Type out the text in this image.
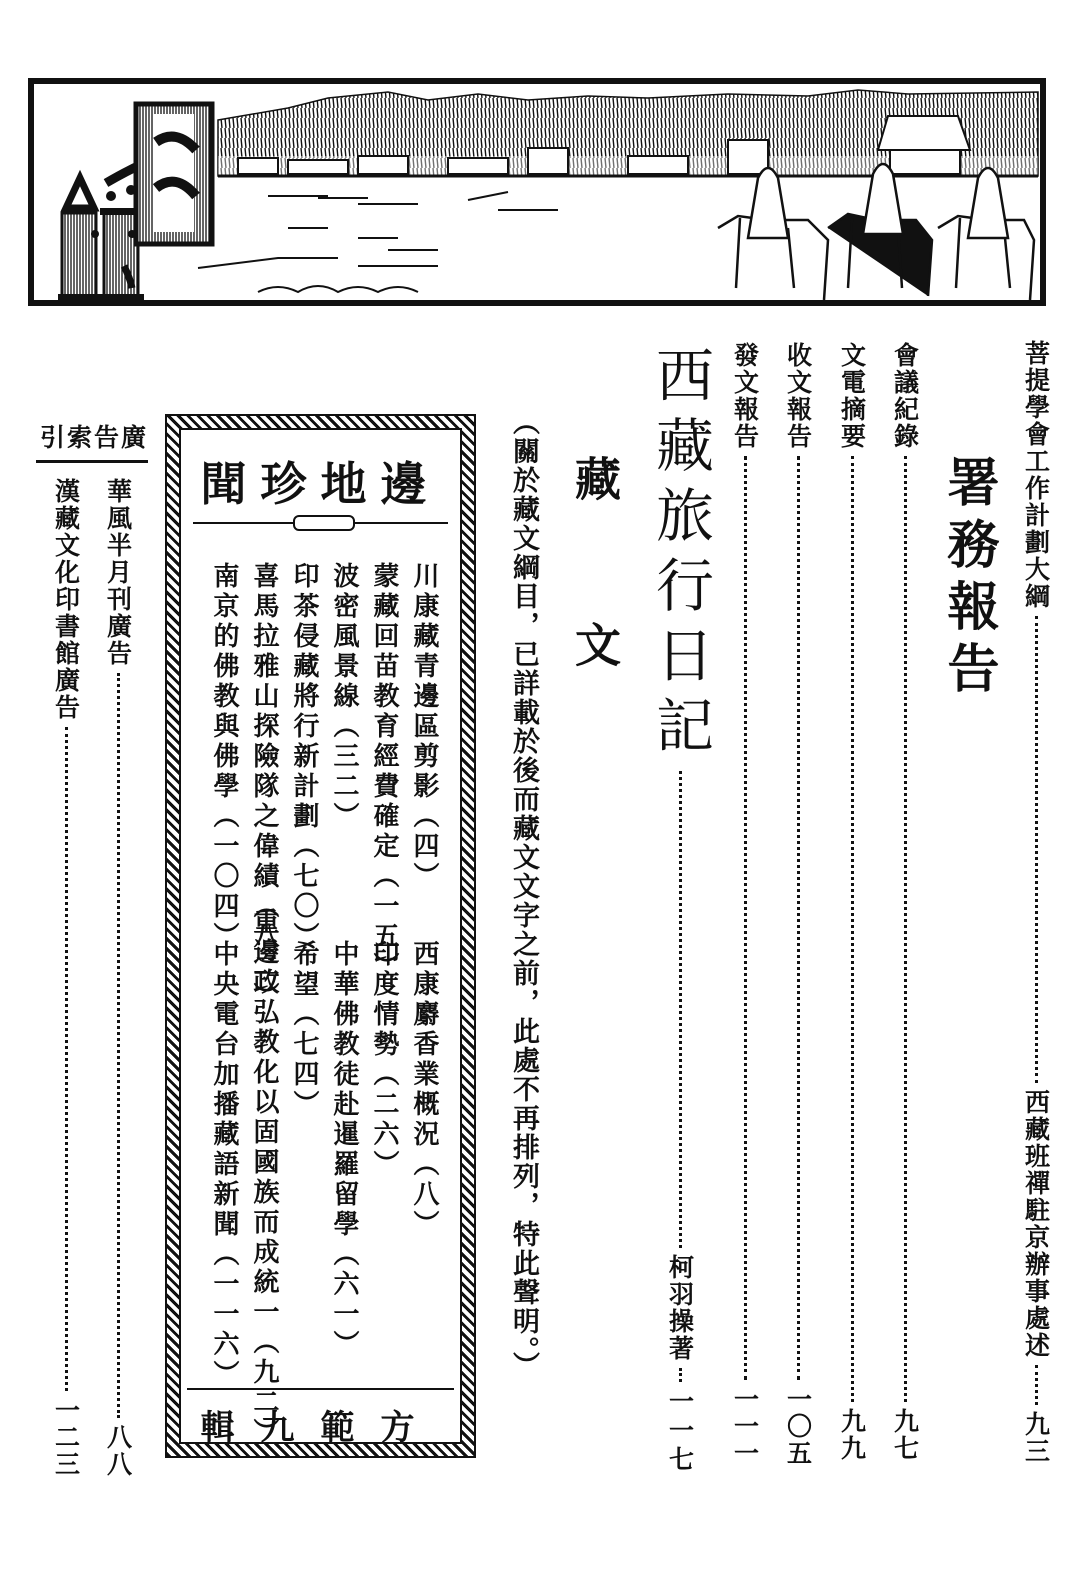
菩提學會工作計劃大綱
西藏班禪駐京辦事處述
九三
署務報告
會議紀錄
九七
文電摘要
九九
收文報告
一〇五
發文報告
一一一
西藏旅行日記
柯羽操著
一一七
藏文
（關於藏文綱目，已詳載於後而藏文文字之前，此處不再排列，特此聲明。）
邊地珍聞
川康藏青邊區剪影（四）
蒙藏回苗教育經費確定（一五）
波密風景線（三二）
印茶侵藏將行新計劃（七〇）
喜馬拉雅山探險隊之偉績（八二）
南京的佛教與佛學（一〇四）
西康麝香業概況（八）
印度情勢（二六）
中華佛教徒赴暹羅留學（六一）
希望（七四）
重邊政弘教化以固國族而成統一（九二）
中央電台加播藏語新聞（一一六）
方範九輯
廣告索引
華風半月刊廣告
八八
漢藏文化印書館廣告
一二三
